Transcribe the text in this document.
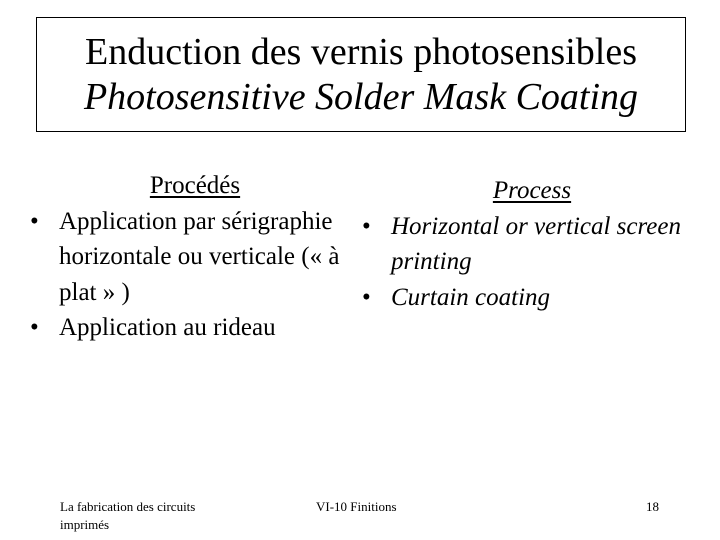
Enduction des vernis photosensibles
Photosensitive Solder Mask Coating
Procédés
• Application par sérigraphie horizontale ou verticale (« à plat » )
• Application au rideau
Process
• Horizontal or vertical screen printing
• Curtain coating
La fabrication des circuits imprimés
VI-10 Finitions	18
